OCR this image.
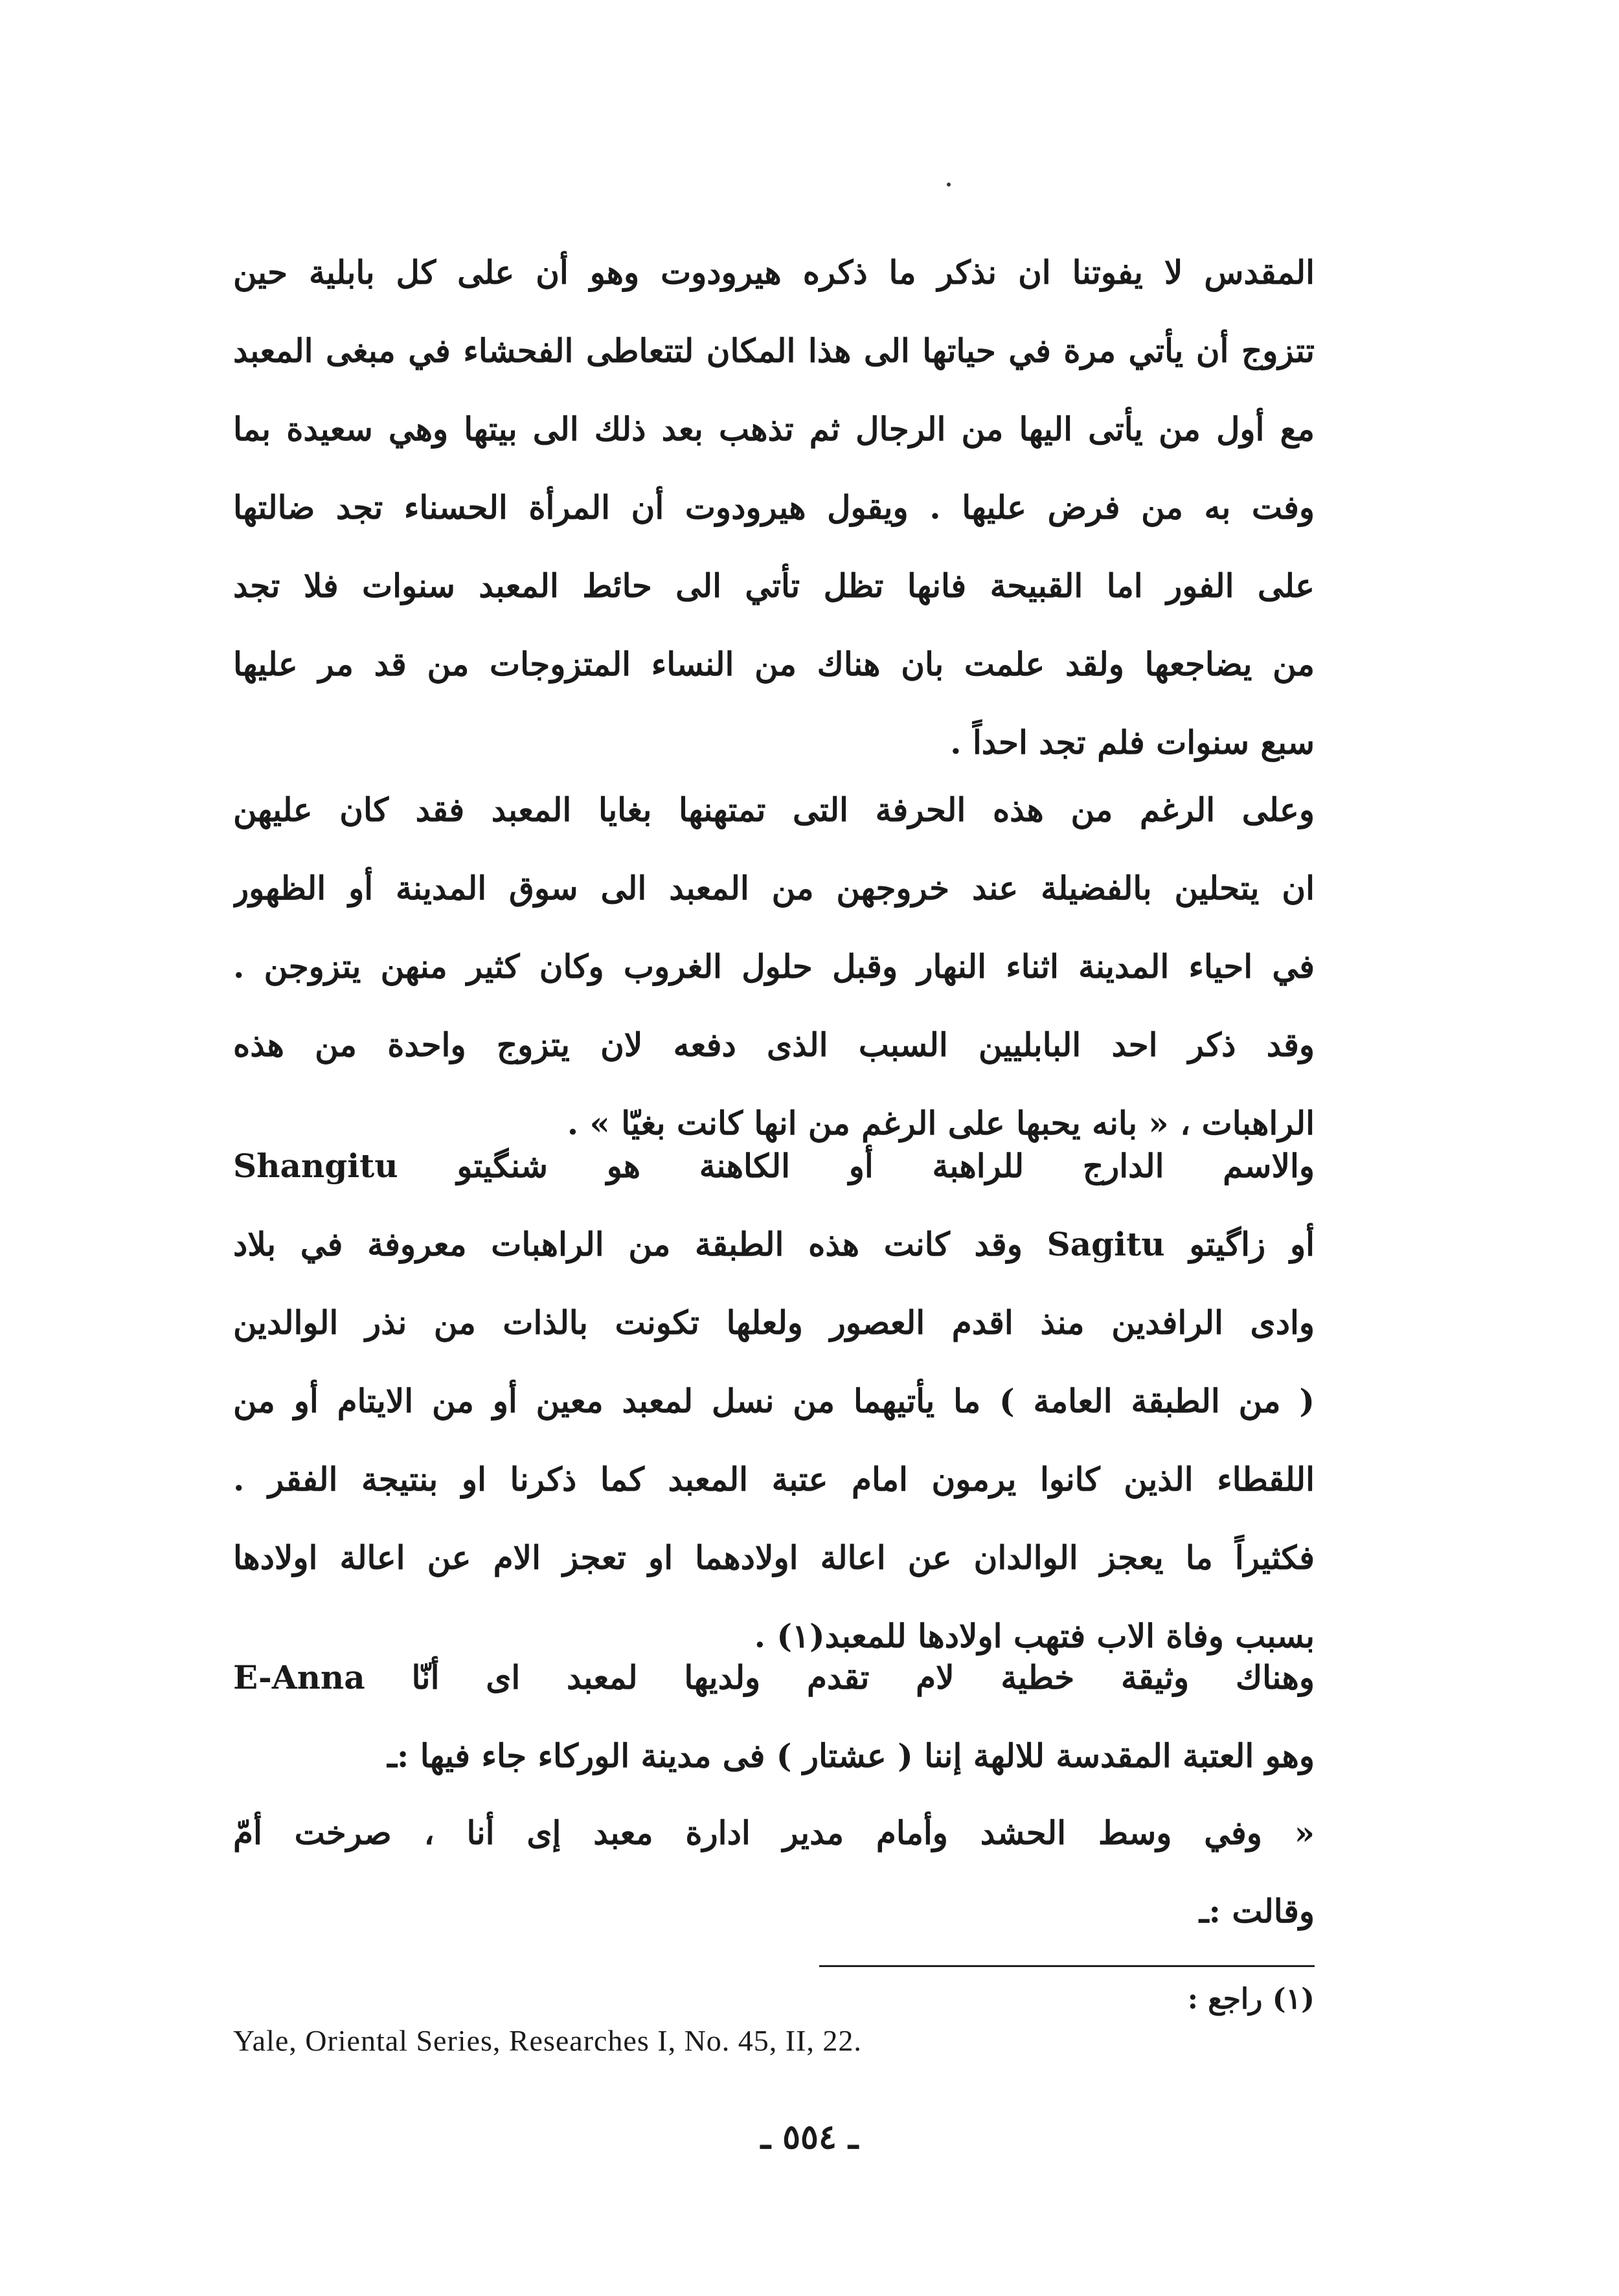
المقدس لا يفوتنا ان نذكر ما ذكره هيرودوت وهو أن على كل بابلية حين
تتزوج أن يأتي مرة في حياتها الى هذا المكان لتتعاطى الفحشاء في مبغى المعبد
مع أول من يأتى اليها من الرجال ثم تذهب بعد ذلك الى بيتها وهي سعيدة بما
وفت به من فرض عليها . ويقول هيرودوت أن المرأة الحسناء تجد ضالتها
على الفور اما القبيحة فانها تظل تأتي الى حائط المعبد سنوات فلا تجد
من يضاجعها ولقد علمت بان هناك من النساء المتزوجات من قد مر عليها
سبع سنوات فلم تجد احداً .
وعلى الرغم من هذه الحرفة التى تمتهنها بغايا المعبد فقد كان عليهن
ان يتحلين بالفضيلة عند خروجهن من المعبد الى سوق المدينة أو الظهور
في احياء المدينة اثناء النهار وقبل حلول الغروب وكان كثير منهن يتزوجن .
وقد ذكر احد البابليين السبب الذى دفعه لان يتزوج واحدة من هذه
الراهبات ، « بانه يحبها على الرغم من انها كانت بغيّا » .
والاسم الدارج للراهبة أو الكاهنة هو شنگيتو Shangitu
أو زاگيتو Sagitu وقد كانت هذه الطبقة من الراهبات معروفة في بلاد
وادى الرافدين منذ اقدم العصور ولعلها تكونت بالذات من نذر الوالدين
( من الطبقة العامة ) ما يأتيهما من نسل لمعبد معين أو من الايتام أو من
اللقطاء الذين كانوا يرمون امام عتبة المعبد كما ذكرنا او بنتيجة الفقر .
فكثيراً ما يعجز الوالدان عن اعالة اولادهما او تعجز الام عن اعالة اولادها
بسبب وفاة الاب فتهب اولادها للمعبد(١) .
وهناك وثيقة خطية لام تقدم ولديها لمعبد اى أنّا E-Anna
وهو العتبة المقدسة للالهة إننا ( عشتار ) فى مدينة الوركاء جاء فيها :ـ
« وفي وسط الحشد وأمام مدير ادارة معبد إى أنا ، صرخت أمّ
وقالت :ـ
(١) راجع :
Yale, Oriental Series, Researches I, No. 45, II, 22.
ـ ٥٥٤ ـ
